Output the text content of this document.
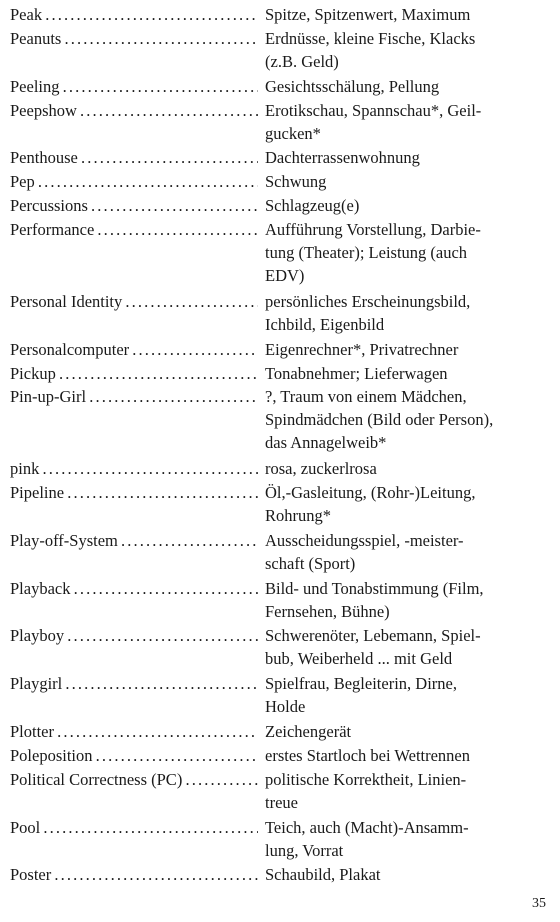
Peak . . .	Spitze, Spitzenwert, Maximum
Peanuts . . .	Erdnüsse, kleine Fische, Klacks
(z.B. Geld)
Peeling . . .	Gesichtsschälung, Pellung
Peepshow . . .	Erotikschau, Spannschau*, Geil-
gucken*
Penthouse . . .	Dachterrassenwohnung
Pep . . .	Schwung
Percussions . . .	Schlagzeug(e)
Performance . . .	Aufführung Vorstellung, Darbie-
tung (Theater); Leistung (auch
EDV)
Personal Identity . . .	persönliches Erscheinungsbild,
Ichbild, Eigenbild
Personalcomputer . . .	Eigenrechner*, Privatrechner
Pickup . . .	Tonabnehmer; Lieferwagen
Pin-up-Girl . . .	?, Traum von einem Mädchen,
Spindmädchen (Bild oder Person),
das Annagelweib*
pink . . .	rosa, zuckerlrosa
Pipeline . . .	Öl,-Gasleitung, (Rohr-)Leitung,
Rohrung*
Play-off-System . . .	Ausscheidungsspiel, -meister-
schaft (Sport)
Playback . . .	Bild- und Tonabstimmung (Film,
Fernsehen, Bühne)
Playboy . . .	Schwerenöter, Lebemann, Spiel-
bub, Weiberheld ... mit Geld
Playgirl . . .	Spielfrau, Begleiterin, Dirne,
Holde
Plotter . . .	Zeichengerät
Poleposition . . .	erstes Startloch bei Wettrennen
Political Correctness (PC) . . .	politische Korrektheit, Linien-
treue
Pool . . .	Teich, auch (Macht)-Ansamm-
lung, Vorrat
Poster . . .	Schaubild, Plakat
35
